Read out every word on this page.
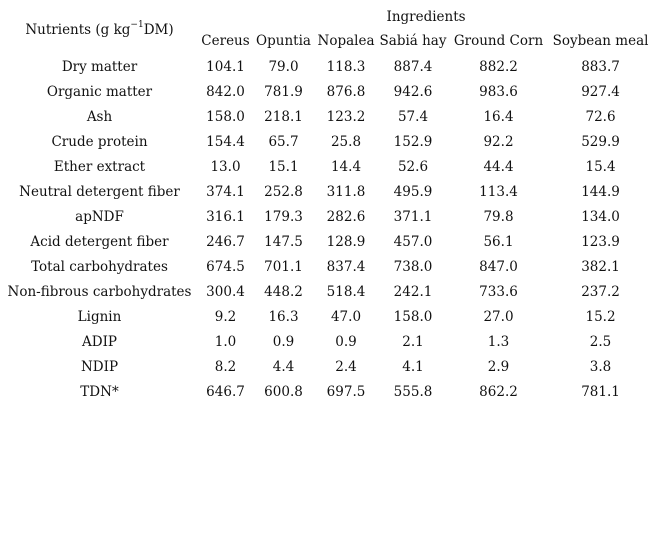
Nutrients (g $kg^{-1}DM$)	Ingredients					
	Cereus	Opuntia	Nopalea	Sabiá hay	Ground Corn	Soybean meal
Dry matter	104.1	79.0	118.3	887.4	882.2	883.7
Organic matter	842.0	781.9	876.8	942.6	983.6	927.4
Ash	158.0	218.1	123.2	57.4	16.4	72.6
Crude protein	154.4	65.7	25.8	152.9	92.2	529.9
Ether extract	13.0	15.1	14.4	52.6	44.4	15.4
Neutral detergent fiber	374.1	252.8	311.8	495.9	113.4	144.9
apNDF	316.1	179.3	282.6	371.1	79.8	134.0
Acid detergent fiber	246.7	147.5	128.9	457.0	56.1	123.9
Total carbohydrates	674.5	701.1	837.4	738.0	847.0	382.1
Non-fibrous carbohydrates	300.4	448.2	518.4	242.1	733.6	237.2
Lignin	9.2	16.3	47.0	158.0	27.0	15.2
ADIP	1.0	0.9	0.9	2.1	1.3	2.5
NDIP	8.2	4.4	2.4	4.1	2.9	3.8
TDN*	646.7	600.8	697.5	555.8	862.2	781.1
